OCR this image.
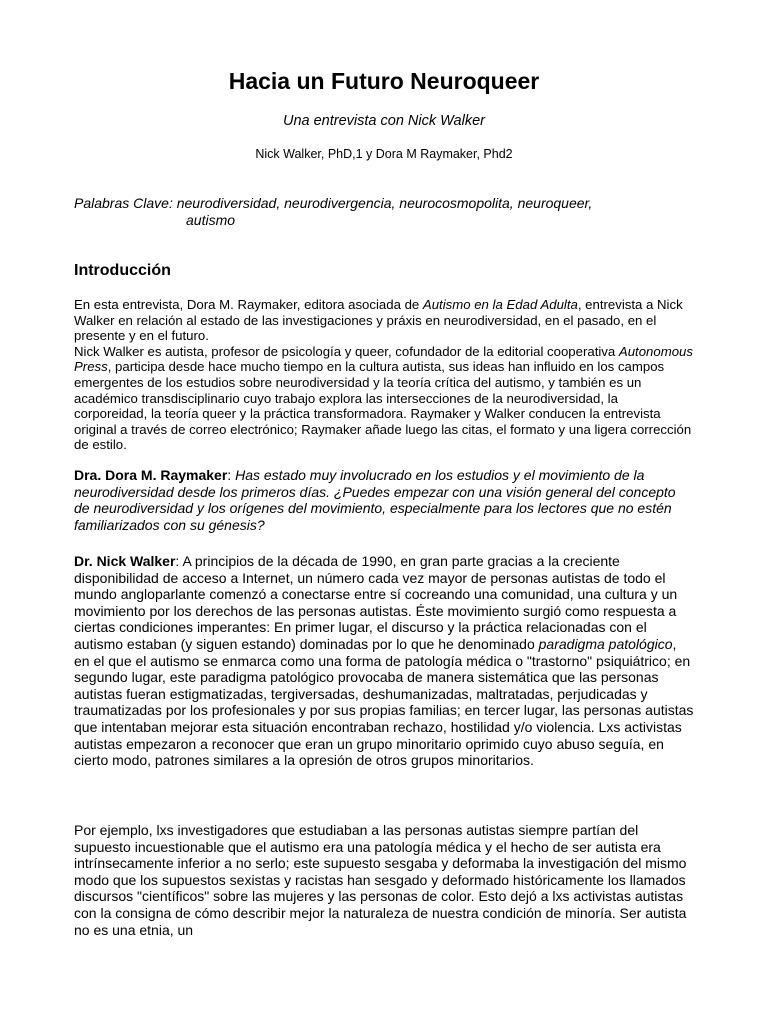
Hacia un Futuro Neuroqueer

Una entrevista con Nick Walker

Nick Walker, PhD,1 y Dora M Raymaker, Phd2

Palabras Clave: neurodiversidad, neurodivergencia, neurocosmopolita, neuroqueer,
autismo

Introducción
En esta entrevista, Dora M. Raymaker, editora asociada de Autismo en la Edad Adulta, entrevista a Nick Walker en relación al estado de las investigaciones y práxis en neurodiversidad, en el pasado, en el presente y en el futuro.
Nick Walker es autista, profesor de psicología y queer, cofundador de la editorial cooperativa Autonomous Press, participa desde hace mucho tiempo en la cultura autista, sus ideas han influido en los campos emergentes de los estudios sobre neurodiversidad y la teoría crítica del autismo, y también es un académico transdisciplinario cuyo trabajo explora las intersecciones de la neurodiversidad, la corporeidad, la teoría queer y la práctica transformadora. Raymaker y Walker conducen la entrevista original a través de correo electrónico; Raymaker añade luego las citas, el formato y una ligera corrección de estilo.

Dra. Dora M. Raymaker: Has estado muy involucrado en los estudios y el movimiento de la neurodiversidad desde los primeros días. ¿Puedes empezar con una visión general del concepto de neurodiversidad y los orígenes del movimiento, especialmente para los lectores que no estén familiarizados con su génesis?

Dr. Nick Walker: A principios de la década de 1990, en gran parte gracias a la creciente disponibilidad de acceso a Internet, un número cada vez mayor de personas autistas de todo el mundo angloparlante comenzó a conectarse entre sí cocreando una comunidad, una cultura y un movimiento por los derechos de las personas autistas. Éste movimiento surgió como respuesta a ciertas condiciones imperantes: En primer lugar, el discurso y la práctica relacionadas con el autismo estaban (y siguen estando) dominadas por lo que he denominado paradigma patológico, en el que el autismo se enmarca como una forma de patología médica o "trastorno" psiquiátrico; en segundo lugar, este paradigma patológico provocaba de manera sistemática que las personas autistas fueran estigmatizadas, tergiversadas, deshumanizadas, maltratadas, perjudicadas y traumatizadas por los profesionales y por sus propias familias; en tercer lugar, las personas autistas que intentaban mejorar esta situación encontraban rechazo, hostilidad y/o violencia. Lxs activistas autistas empezaron a reconocer que eran un grupo minoritario oprimido cuyo abuso seguía, en cierto modo, patrones similares a la opresión de otros grupos minoritarios.

Por ejemplo, lxs investigadores que estudiaban a las personas autistas siempre partían del supuesto incuestionable que el autismo era una patología médica y el hecho de ser autista era intrínsecamente inferior a no serlo; este supuesto sesgaba y deformaba la investigación del mismo modo que los supuestos sexistas y racistas han sesgado y deformado históricamente los llamados discursos "científicos" sobre las mujeres y las personas de color. Esto dejó a lxs activistas autistas con la consigna de cómo describir mejor la naturaleza de nuestra condición de minoría. Ser autista no es una etnia, un
